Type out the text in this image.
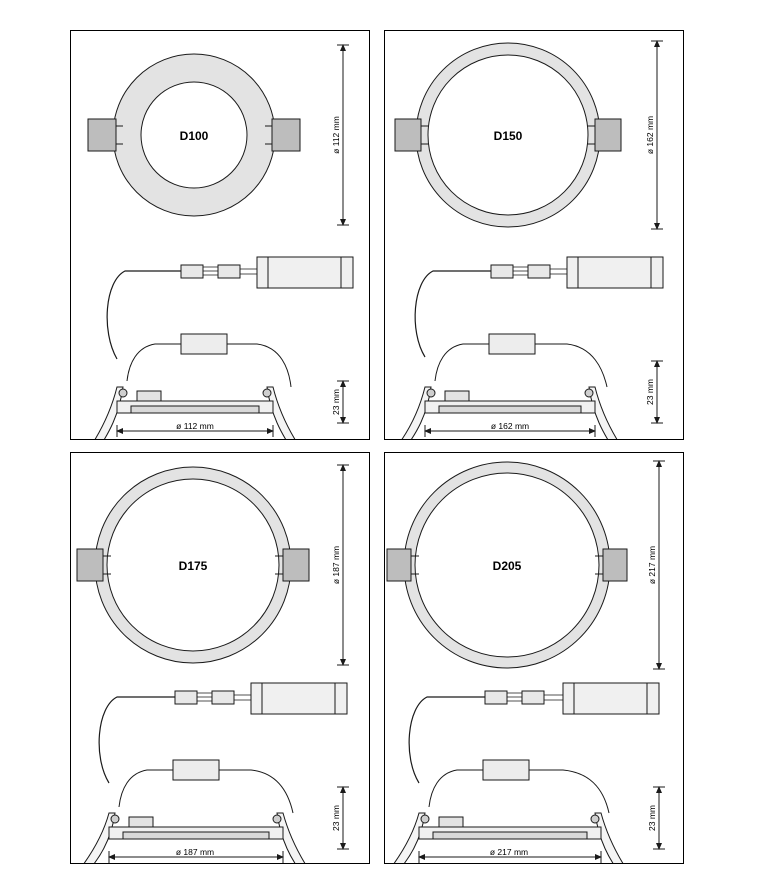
D100	ø 112 mm
23 mm
ø 112 mm
D150	ø 162 mm
23 mm
ø 162 mm
D175	ø 187 mm
23 mm
ø 187 mm
D205	ø 217 mm
23 mm
ø 217 mm
